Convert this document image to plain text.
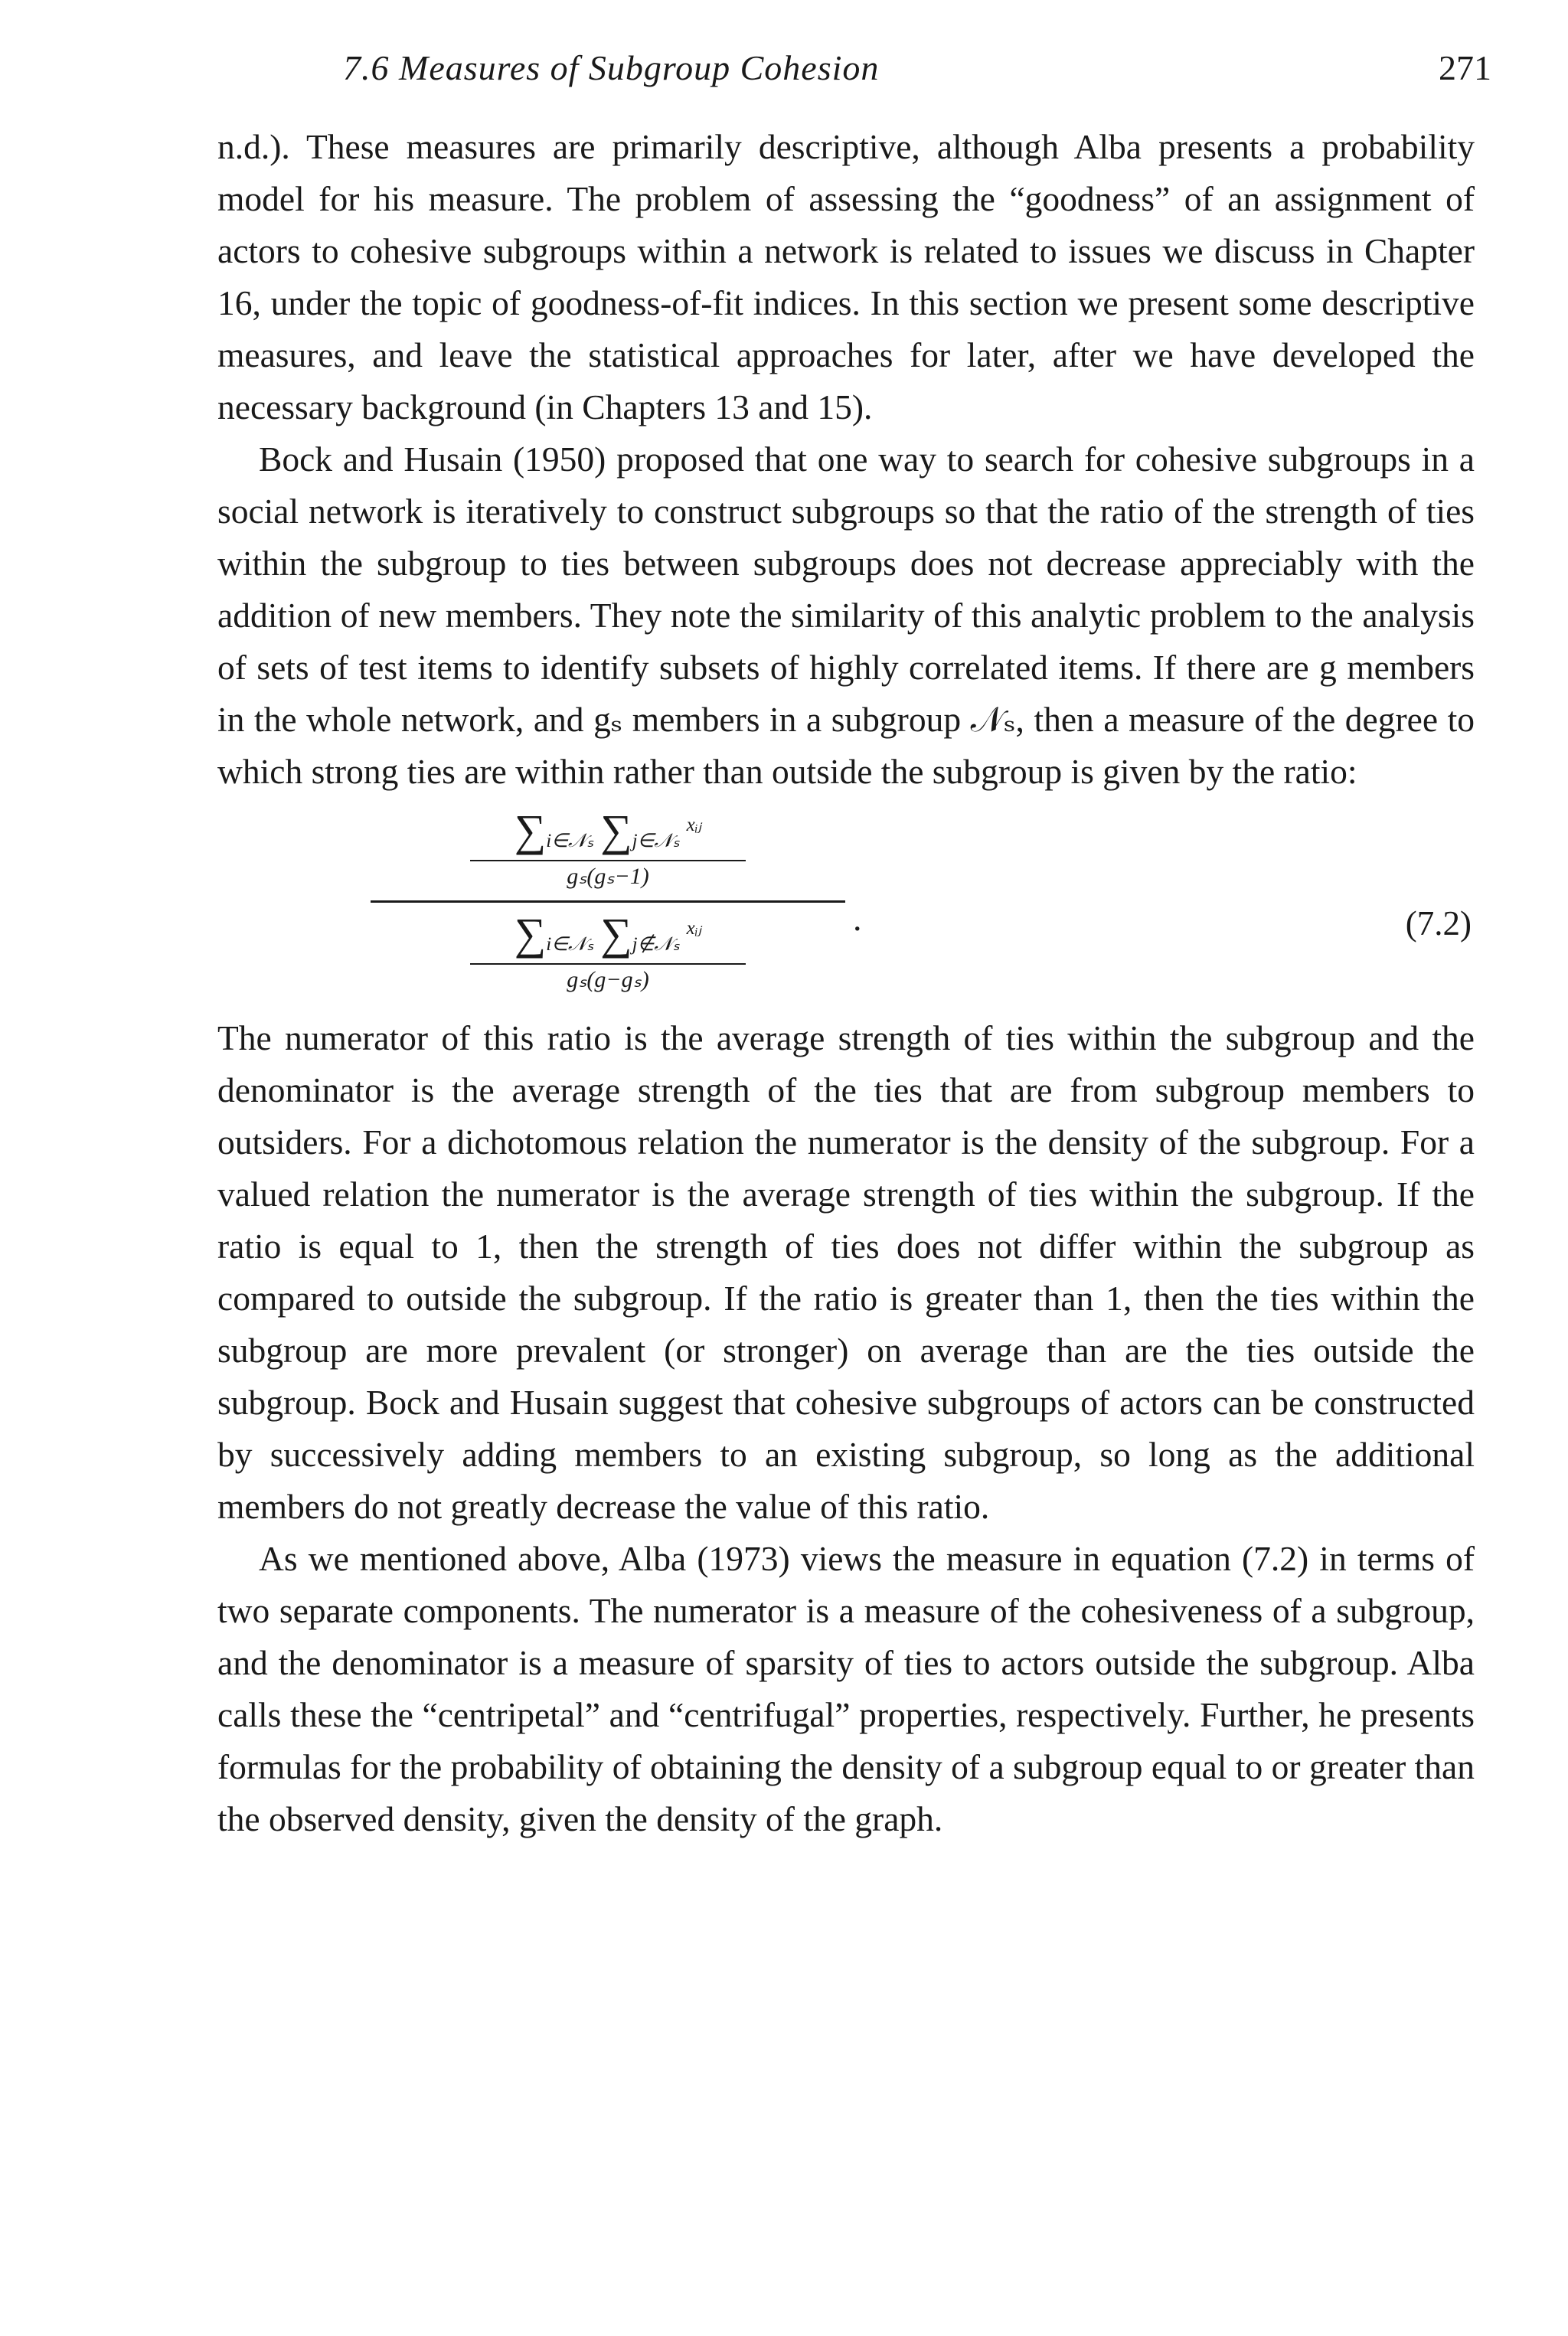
7.6 Measures of Subgroup Cohesion	271

n.d.). These measures are primarily descriptive, although Alba presents a probability model for his measure. The problem of assessing the “goodness” of an assignment of actors to cohesive subgroups within a network is related to issues we discuss in Chapter 16, under the topic of goodness-of-fit indices. In this section we present some descriptive measures, and leave the statistical approaches for later, after we have developed the necessary background (in Chapters 13 and 15).

Bock and Husain (1950) proposed that one way to search for cohesive subgroups in a social network is iteratively to construct subgroups so that the ratio of the strength of ties within the subgroup to ties between subgroups does not decrease appreciably with the addition of new members. They note the similarity of this analytic problem to the analysis of sets of test items to identify subsets of highly correlated items. If there are g members in the whole network, and gₛ members in a subgroup 𝒩ₛ, then a measure of the degree to which strong ties are within rather than outside the subgroup is given by the ratio:

$\sum_{i\in 𝒩_s}$ $\sum_{j\in 𝒩_s}$ $^{xᵢⱼ}$
gₛ(gₛ−1)
$\sum_{i\in 𝒩_s}$ $\sum_{j\notin 𝒩_s}$ $^{xᵢⱼ}$
gₛ(g−gₛ)
.	(7.2)

The numerator of this ratio is the average strength of ties within the subgroup and the denominator is the average strength of the ties that are from subgroup members to outsiders. For a dichotomous relation the numerator is the density of the subgroup. For a valued relation the numerator is the average strength of ties within the subgroup. If the ratio is equal to 1, then the strength of ties does not differ within the subgroup as compared to outside the subgroup. If the ratio is greater than 1, then the ties within the subgroup are more prevalent (or stronger) on average than are the ties outside the subgroup. Bock and Husain suggest that cohesive subgroups of actors can be constructed by successively adding members to an existing subgroup, so long as the additional members do not greatly decrease the value of this ratio.

As we mentioned above, Alba (1973) views the measure in equation (7.2) in terms of two separate components. The numerator is a measure of the cohesiveness of a subgroup, and the denominator is a measure of sparsity of ties to actors outside the subgroup. Alba calls these the “centripetal” and “centrifugal” properties, respectively. Further, he presents formulas for the probability of obtaining the density of a subgroup equal to or greater than the observed density, given the density of the graph.
